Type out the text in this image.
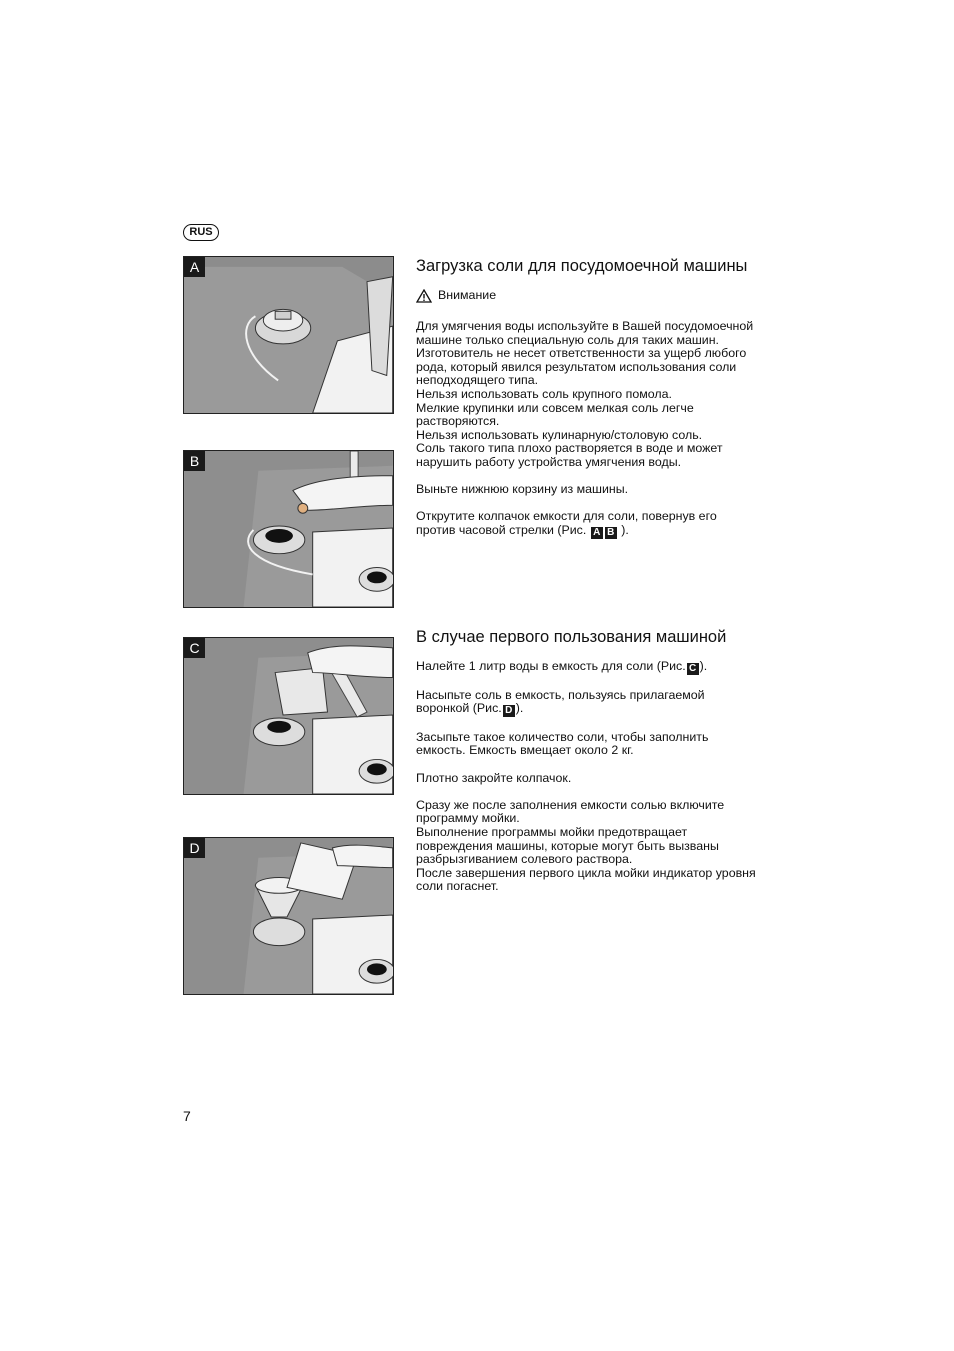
RUS
A
B
C
D
Загрузка соли для посудомоечной машины
Внимание

Для умягчения воды используйте в Вашей посудомоечной
машине только специальную соль для таких машин.
Изготовитель не несет ответственности за ущерб любого
рода, который явился результатом использования соли
неподходящего типа.
Нельзя использовать соль крупного помола.
Мелкие крупинки или совсем мелкая соль легче
растворяются.
Нельзя использовать кулинарную/столовую соль.
Соль такого типа плохо растворяется в воде и может
нарушить работу устройства умягчения воды.

Выньте нижнюю корзину из машины.

Открутите колпачок емкости для соли, повернув его
против часовой стрелки (Рис. A B ).

В случае первого пользования машиной

Налейте 1 литр воды в емкость для соли (Рис. C ).

Насыпьте соль в емкость, пользуясь прилагаемой
воронкой (Рис. D ).

Засыпьте такое количество соли, чтобы заполнить
емкость. Емкость вмещает около 2 кг.

Плотно закройте колпачок.

Сразу же после заполнения емкости солью включите
программу мойки.
Выполнение программы мойки предотвращает
повреждения машины, которые могут быть вызваны
разбрызгиванием солевого раствора.
После завершения первого цикла мойки индикатор уровня
соли погаснет.

7
